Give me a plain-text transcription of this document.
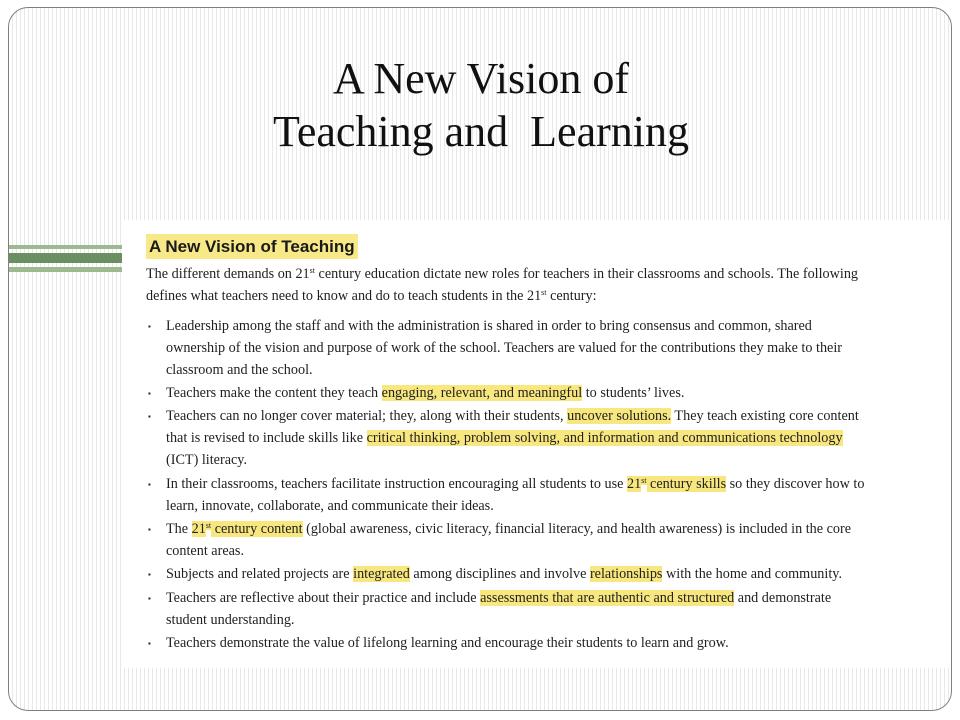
A New Vision of
Teaching and  Learning
A New Vision of Teaching
The different demands on 21st century education dictate new roles for teachers in their classrooms and schools. The following
defines what teachers need to know and do to teach students in the 21st century:
▪ Leadership among the staff and with the administration is shared in order to bring consensus and common, shared
ownership of the vision and purpose of work of the school. Teachers are valued for the contributions they make to their
classroom and the school.
▪ Teachers make the content they teach engaging, relevant, and meaningful to students’ lives.
▪ Teachers can no longer cover material; they, along with their students, uncover solutions. They teach existing core content
that is revised to include skills like critical thinking, problem solving, and information and communications technology
(ICT) literacy.
▪ In their classrooms, teachers facilitate instruction encouraging all students to use 21st century skills so they discover how to
learn, innovate, collaborate, and communicate their ideas.
▪ The 21st century content (global awareness, civic literacy, financial literacy, and health awareness) is included in the core
content areas.
▪ Subjects and related projects are integrated among disciplines and involve relationships with the home and community.
▪ Teachers are reflective about their practice and include assessments that are authentic and structured and demonstrate
student understanding.
▪ Teachers demonstrate the value of lifelong learning and encourage their students to learn and grow.
